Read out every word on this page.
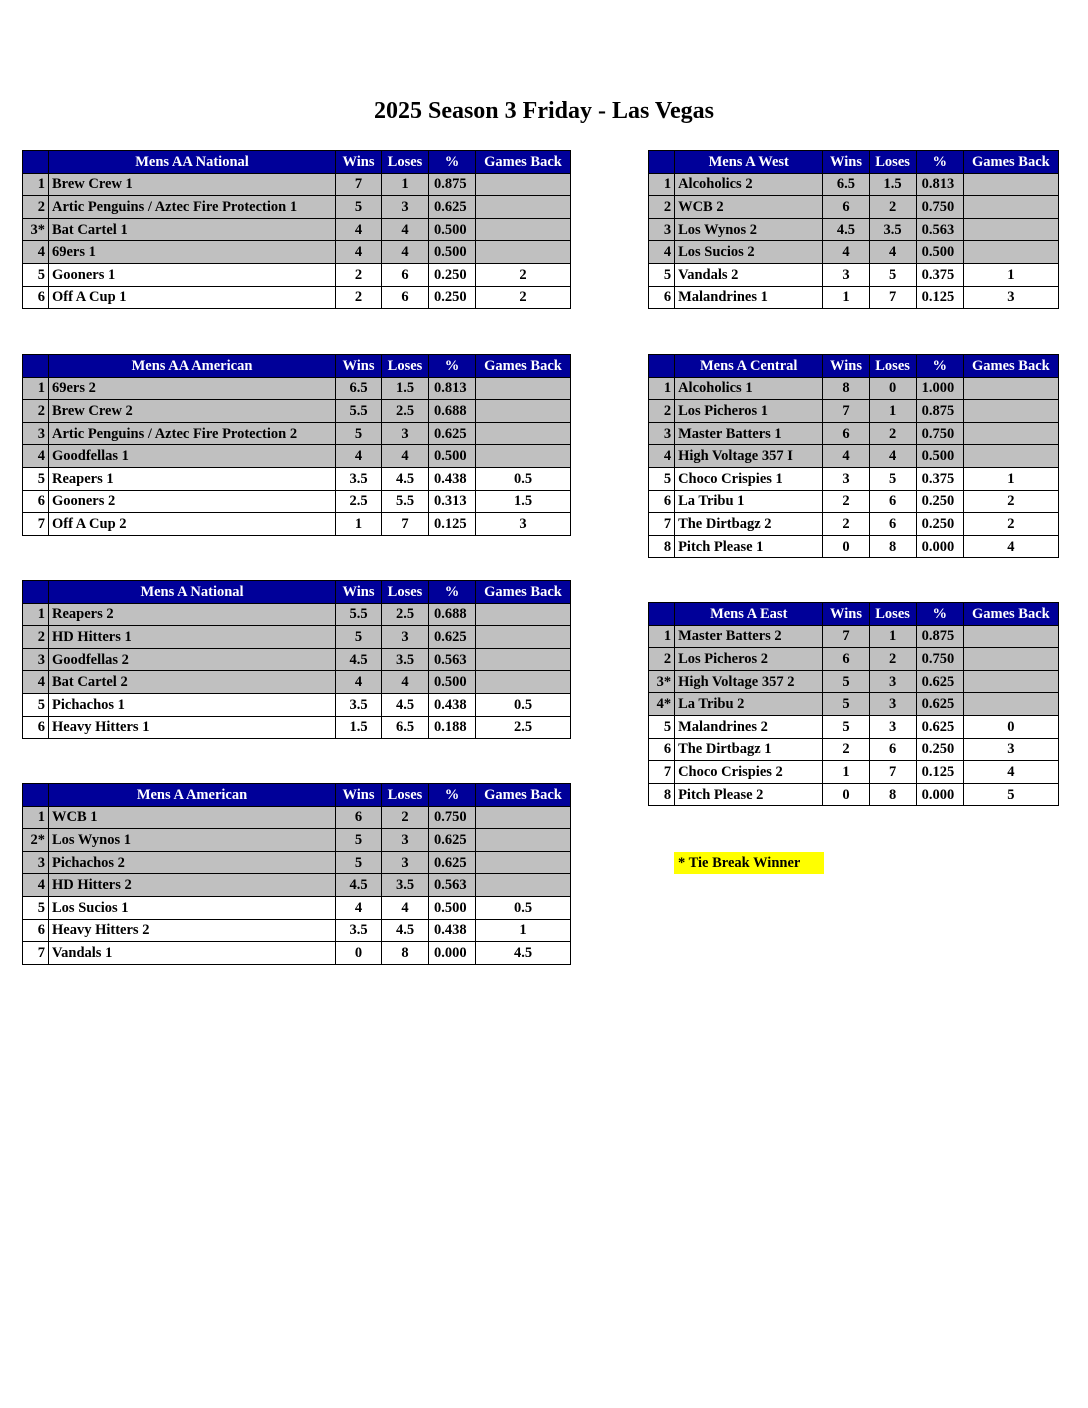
2025 Season 3 Friday - Las Vegas
	Mens AA National	Wins	Loses	%	Games Back
1	Brew Crew 1	7	1	0.875	
2	Artic Penguins / Aztec Fire Protection 1	5	3	0.625	
3*	Bat Cartel 1	4	4	0.500	
4	69ers 1	4	4	0.500	
5	Gooners 1	2	6	0.250	2
6	Off A Cup 1	2	6	0.250	2
	Mens AA American	Wins	Loses	%	Games Back
1	69ers 2	6.5	1.5	0.813	
2	Brew Crew 2	5.5	2.5	0.688	
3	Artic Penguins / Aztec Fire Protection 2	5	3	0.625	
4	Goodfellas 1	4	4	0.500	
5	Reapers 1	3.5	4.5	0.438	0.5
6	Gooners 2	2.5	5.5	0.313	1.5
7	Off A Cup 2	1	7	0.125	3
	Mens A National	Wins	Loses	%	Games Back
1	Reapers 2	5.5	2.5	0.688	
2	HD Hitters 1	5	3	0.625	
3	Goodfellas 2	4.5	3.5	0.563	
4	Bat Cartel 2	4	4	0.500	
5	Pichachos 1	3.5	4.5	0.438	0.5
6	Heavy Hitters 1	1.5	6.5	0.188	2.5
	Mens A American	Wins	Loses	%	Games Back
1	WCB 1	6	2	0.750	
2*	Los Wynos 1	5	3	0.625	
3	Pichachos 2	5	3	0.625	
4	HD Hitters 2	4.5	3.5	0.563	
5	Los Sucios 1	4	4	0.500	0.5
6	Heavy Hitters 2	3.5	4.5	0.438	1
7	Vandals 1	0	8	0.000	4.5
	Mens A West	Wins	Loses	%	Games Back
1	Alcoholics 2	6.5	1.5	0.813	
2	WCB 2	6	2	0.750	
3	Los Wynos 2	4.5	3.5	0.563	
4	Los Sucios 2	4	4	0.500	
5	Vandals 2	3	5	0.375	1
6	Malandrines 1	1	7	0.125	3
	Mens A Central	Wins	Loses	%	Games Back
1	Alcoholics 1	8	0	1.000	
2	Los Picheros 1	7	1	0.875	
3	Master Batters 1	6	2	0.750	
4	High Voltage 357 I	4	4	0.500	
5	Choco Crispies 1	3	5	0.375	1
6	La Tribu 1	2	6	0.250	2
7	The Dirtbagz 2	2	6	0.250	2
8	Pitch Please 1	0	8	0.000	4
	Mens A East	Wins	Loses	%	Games Back
1	Master Batters 2	7	1	0.875	
2	Los Picheros 2	6	2	0.750	
3*	High Voltage 357 2	5	3	0.625	
4*	La Tribu 2	5	3	0.625	
5	Malandrines 2	5	3	0.625	0
6	The Dirtbagz 1	2	6	0.250	3
7	Choco Crispies 2	1	7	0.125	4
8	Pitch Please 2	0	8	0.000	5
* Tie Break Winner
